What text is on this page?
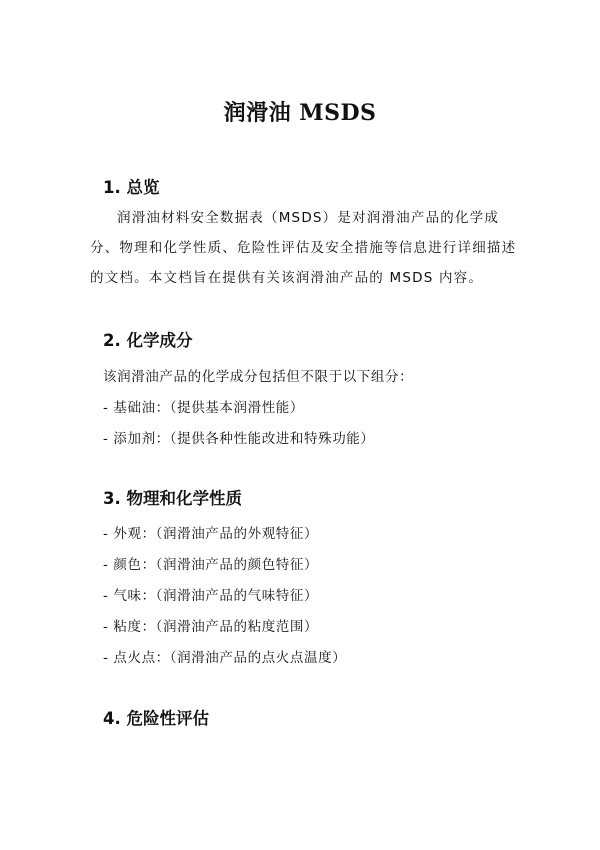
润滑油 MSDS
1. 总览

润滑油材料安全数据表（MSDS）是对润滑油产品的化学成分、物理和化学性质、危险性评估及安全措施等信息进行详细描述的文档。本文档旨在提供有关该润滑油产品的 MSDS 内容。

2. 化学成分
该润滑油产品的化学成分包括但不限于以下组分：
- 基础油：（提供基本润滑性能）
- 添加剂：（提供各种性能改进和特殊功能）
3. 物理和化学性质
- 外观：（润滑油产品的外观特征）
- 颜色：（润滑油产品的颜色特征）
- 气味：（润滑油产品的气味特征）
- 粘度：（润滑油产品的粘度范围）
- 点火点：（润滑油产品的点火点温度）
4. 危险性评估
